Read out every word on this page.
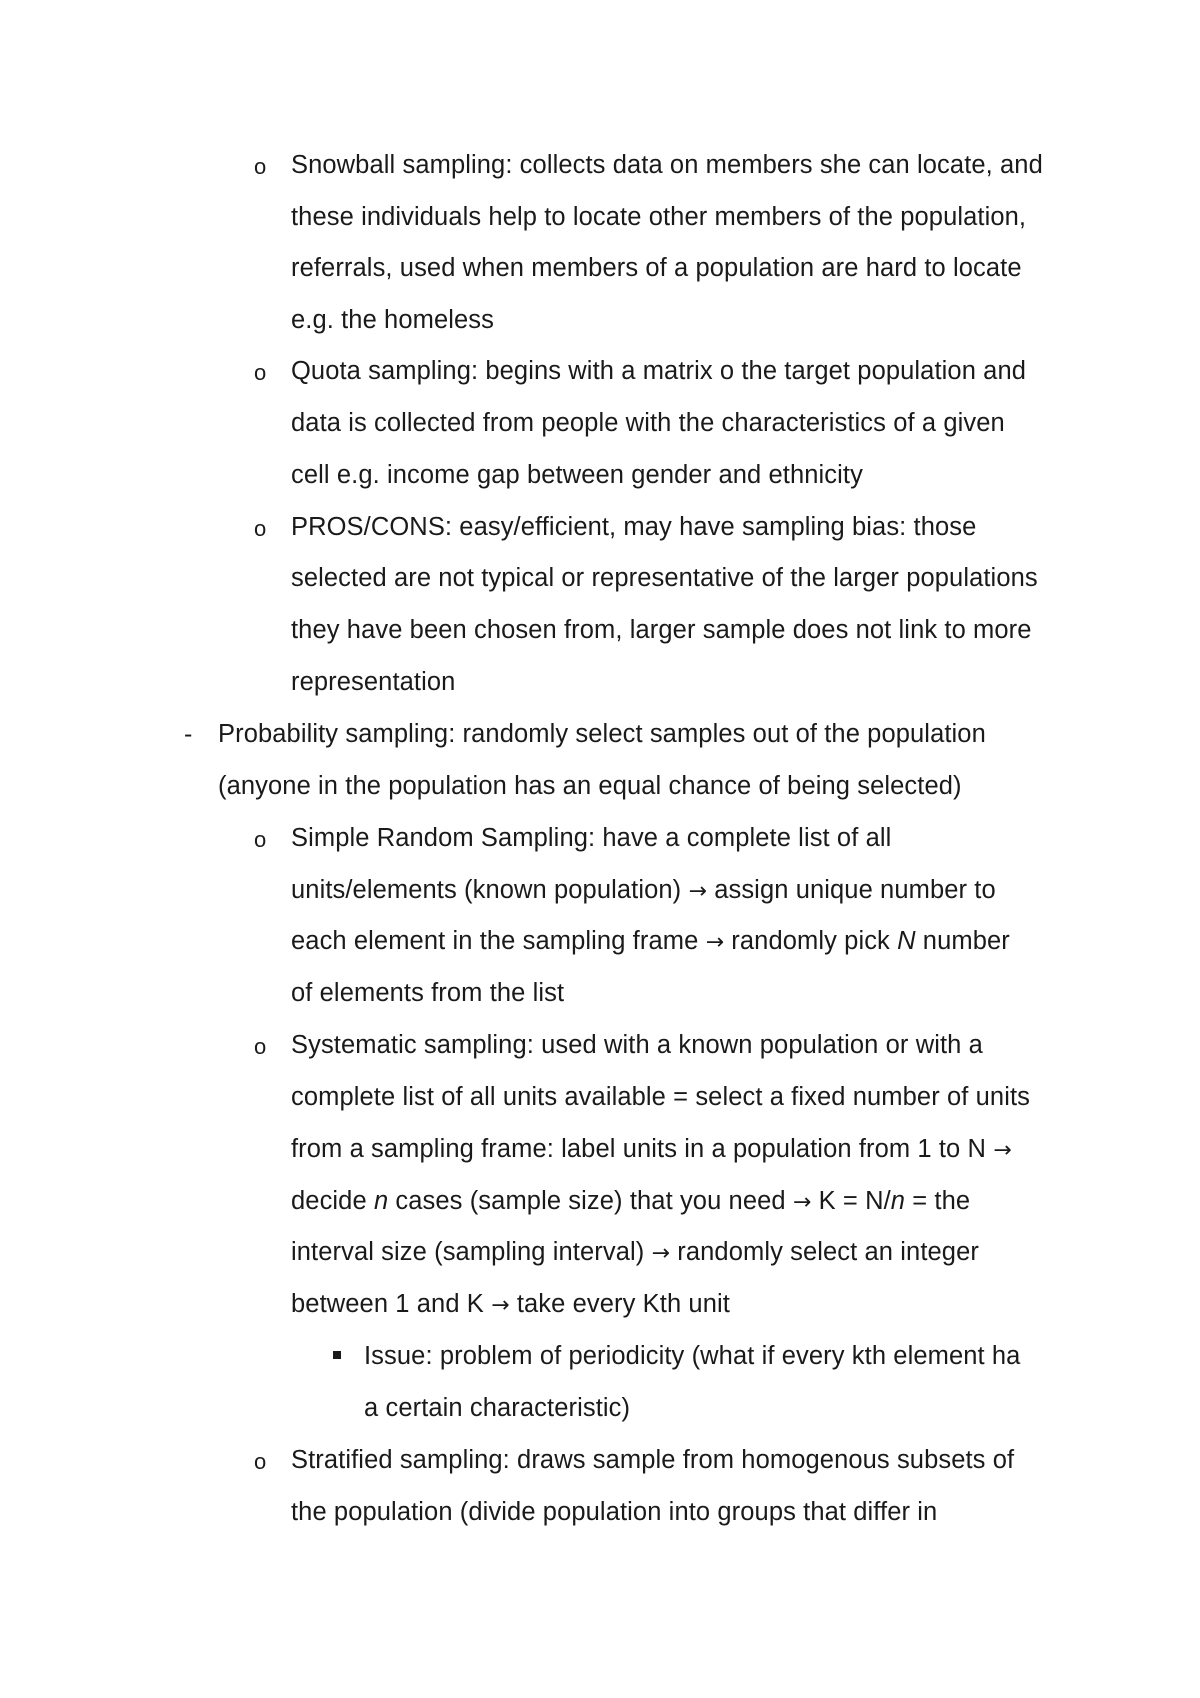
o Snowball sampling: collects data on members she can locate, and
these individuals help to locate other members of the population,
referrals, used when members of a population are hard to locate
e.g. the homeless
o Quota sampling: begins with a matrix o the target population and
data is collected from people with the characteristics of a given
cell e.g. income gap between gender and ethnicity
o PROS/CONS: easy/efficient, may have sampling bias: those
selected are not typical or representative of the larger populations
they have been chosen from, larger sample does not link to more
representation
- Probability sampling: randomly select samples out of the population
(anyone in the population has an equal chance of being selected)
o Simple Random Sampling: have a complete list of all
units/elements (known population) → assign unique number to
each element in the sampling frame → randomly pick N number
of elements from the list
o Systematic sampling: used with a known population or with a
complete list of all units available = select a fixed number of units
from a sampling frame: label units in a population from 1 to N →
decide n cases (sample size) that you need → K = N/n = the
interval size (sampling interval) → randomly select an integer
between 1 and K → take every Kth unit
Issue: problem of periodicity (what if every kth element ha
a certain characteristic)
o Stratified sampling: draws sample from homogenous subsets of
the population (divide population into groups that differ in
